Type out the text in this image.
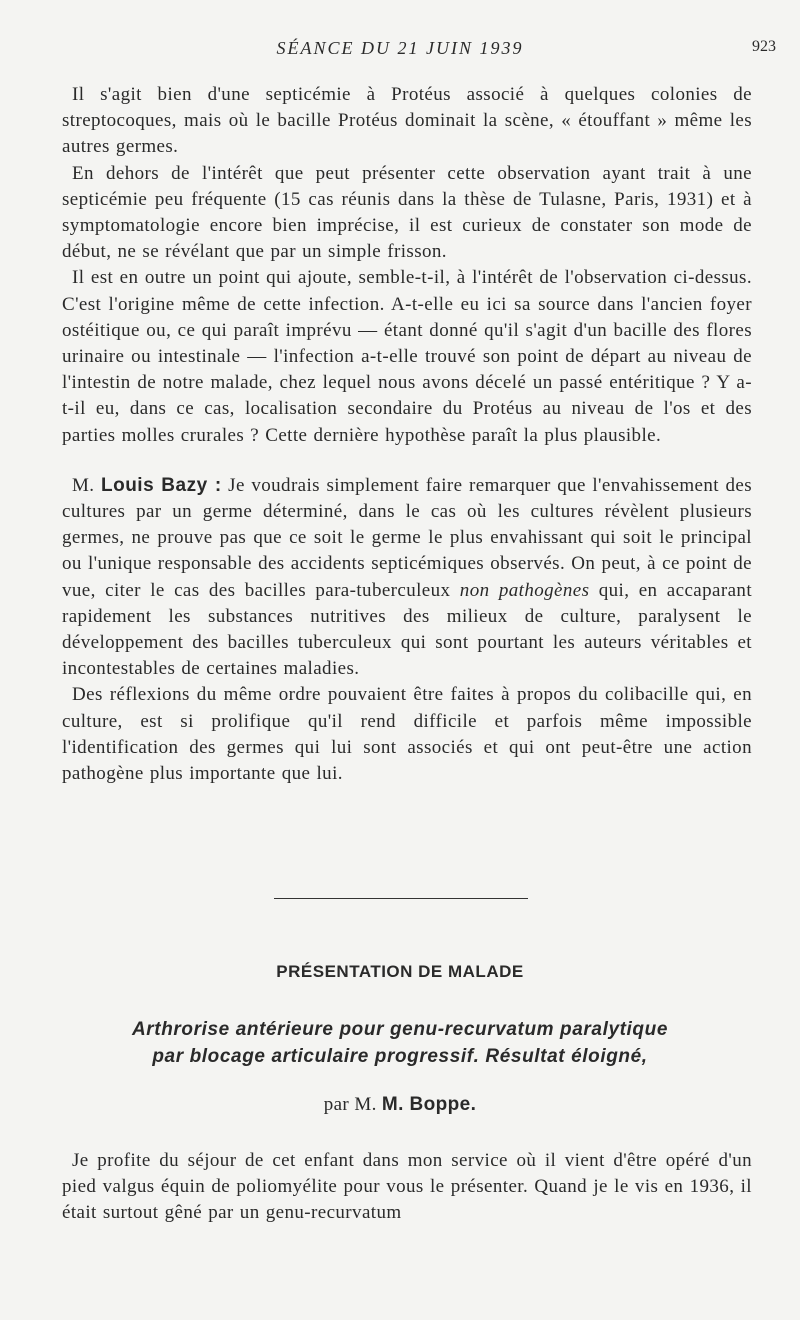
SÉANCE DU 21 JUIN 1939	923

Il s'agit bien d'une septicémie à Protéus associé à quelques colonies de streptocoques, mais où le bacille Protéus dominait la scène, « étouffant » même les autres germes.

En dehors de l'intérêt que peut présenter cette observation ayant trait à une septicémie peu fréquente (15 cas réunis dans la thèse de Tulasne, Paris, 1931) et à symptomatologie encore bien imprécise, il est curieux de constater son mode de début, ne se révélant que par un simple frisson.

Il est en outre un point qui ajoute, semble-t-il, à l'intérêt de l'observation ci-dessus. C'est l'origine même de cette infection. A-t-elle eu ici sa source dans l'ancien foyer ostéitique ou, ce qui paraît imprévu — étant donné qu'il s'agit d'un bacille des flores urinaire ou intestinale — l'infection a-t-elle trouvé son point de départ au niveau de l'intestin de notre malade, chez lequel nous avons décelé un passé entéritique ? Y a-t-il eu, dans ce cas, localisation secondaire du Protéus au niveau de l'os et des parties molles crurales ? Cette dernière hypothèse paraît la plus plausible.

M. Louis Bazy : Je voudrais simplement faire remarquer que l'envahissement des cultures par un germe déterminé, dans le cas où les cultures révèlent plusieurs germes, ne prouve pas que ce soit le germe le plus envahissant qui soit le principal ou l'unique responsable des accidents septicémiques observés. On peut, à ce point de vue, citer le cas des bacilles para-tuberculeux non pathogènes qui, en accaparant rapidement les substances nutritives des milieux de culture, paralysent le développement des bacilles tuberculeux qui sont pourtant les auteurs véritables et incontestables de certaines maladies.

Des réflexions du même ordre pouvaient être faites à propos du colibacille qui, en culture, est si prolifique qu'il rend difficile et parfois même impossible l'identification des germes qui lui sont associés et qui ont peut-être une action pathogène plus importante que lui.

PRÉSENTATION DE MALADE
Arthrorise antérieure pour genu-recurvatum paralytique
par blocage articulaire progressif. Résultat éloigné,
par M. M. Boppe.

Je profite du séjour de cet enfant dans mon service où il vient d'être opéré d'un pied valgus équin de poliomyélite pour vous le présenter. Quand je le vis en 1936, il était surtout gêné par un genu-recurvatum
